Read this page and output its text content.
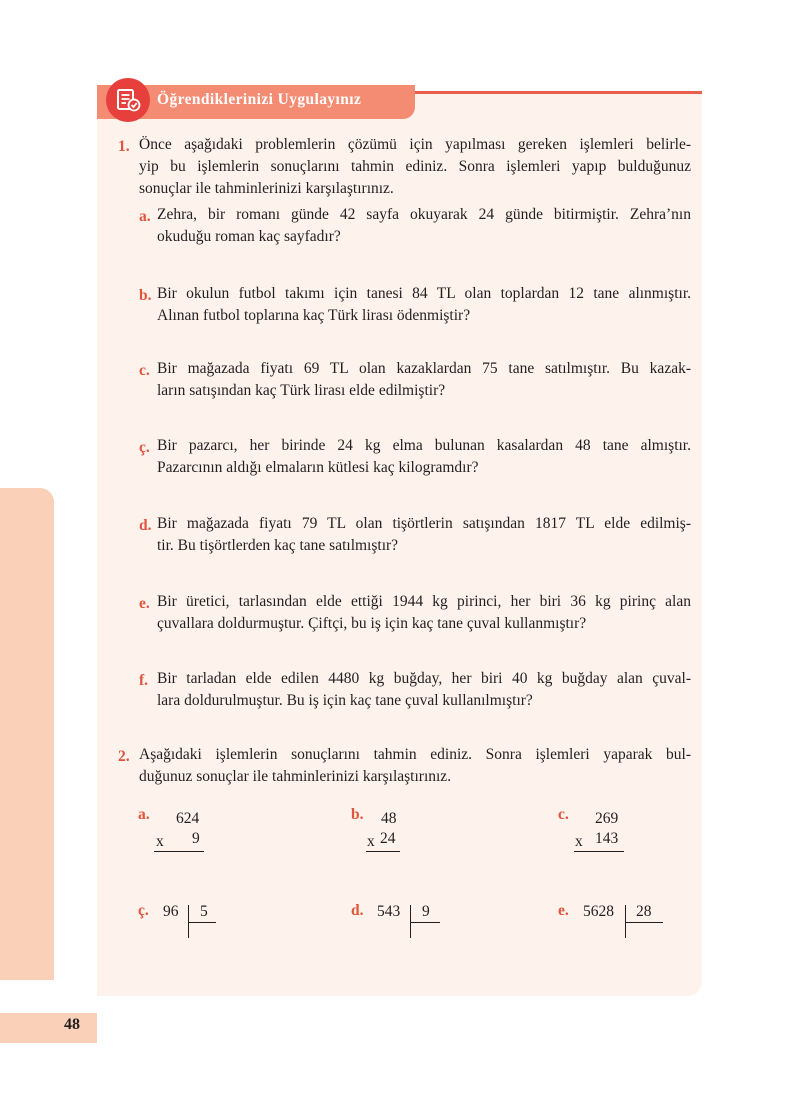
Öğrendiklerinizi Uygulayınız
1. Önce aşağıdaki problemlerin çözümü için yapılması gereken işlemleri belirle-
yip bu işlemlerin sonuçlarını tahmin ediniz. Sonra işlemleri yapıp bulduğunuz
sonuçlar ile tahminlerinizi karşılaştırınız.
a. Zehra, bir romanı günde 42 sayfa okuyarak 24 günde bitirmiştir. Zehra’nın
okuduğu roman kaç sayfadır?
b. Bir okulun futbol takımı için tanesi 84 TL olan toplardan 12 tane alınmıştır.
Alınan futbol toplarına kaç Türk lirası ödenmiştir?
c. Bir mağazada fiyatı 69 TL olan kazaklardan 75 tane satılmıştır. Bu kazak-
ların satışından kaç Türk lirası elde edilmiştir?
ç. Bir pazarcı, her birinde 24 kg elma bulunan kasalardan 48 tane almıştır.
Pazarcının aldığı elmaların kütlesi kaç kilogramdır?
d. Bir mağazada fiyatı 79 TL olan tişörtlerin satışından 1817 TL elde edilmiş-
tir. Bu tişörtlerden kaç tane satılmıştır?
e. Bir üretici, tarlasından elde ettiği 1944 kg pirinci, her biri 36 kg pirinç alan
çuvallara doldurmuştur. Çiftçi, bu iş için kaç tane çuval kullanmıştır?
f. Bir tarladan elde edilen 4480 kg buğday, her biri 40 kg buğday alan çuval-
lara doldurulmuştur. Bu iş için kaç tane çuval kullanılmıştır?
2. Aşağıdaki işlemlerin sonuçlarını tahmin ediniz. Sonra işlemleri yaparak bul-
duğunuz sonuçlar ile tahminlerinizi karşılaştırınız.
a. 624
x 9
b. 48
x 24
c. 269
x 143
ç. 96 5	d. 543 9	e. 5628 28
48
